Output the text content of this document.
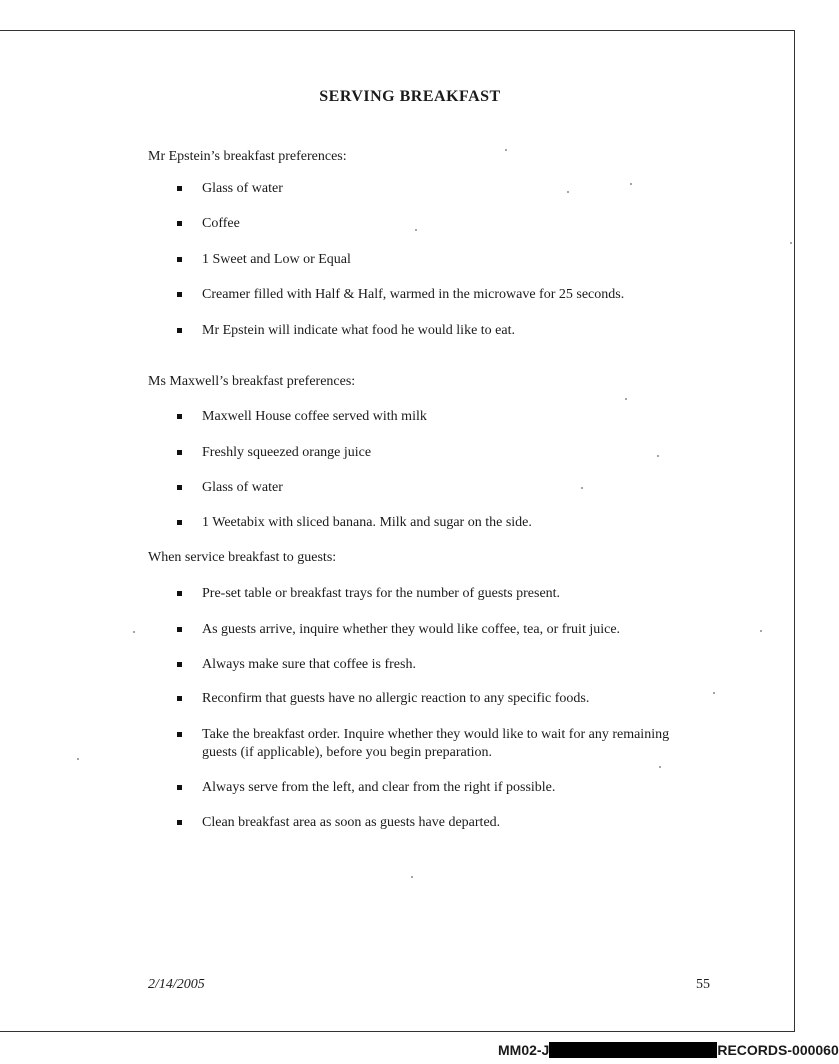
SERVING BREAKFAST
Mr Epstein’s breakfast preferences:
Glass of water
Coffee
1 Sweet and Low or Equal
Creamer filled with Half & Half, warmed in the microwave for 25 seconds.
Mr Epstein will indicate what food he would like to eat.
Ms Maxwell’s breakfast preferences:
Maxwell House coffee served with milk
Freshly squeezed orange juice
Glass of water
1 Weetabix with sliced banana. Milk and sugar on the side.
When service breakfast to guests:
Pre-set table or breakfast trays for the number of guests present.
As guests arrive, inquire whether they would like coffee, tea, or fruit juice.
Always make sure that coffee is fresh.
Reconfirm that guests have no allergic reaction to any specific foods.
Take the breakfast order. Inquire whether they would like to wait for any remaining guests (if applicable), before you begin preparation.
Always serve from the left, and clear from the right if possible.
Clean breakfast area as soon as guests have departed.
2/14/2005	55
MM02-J	RECORDS-000060
